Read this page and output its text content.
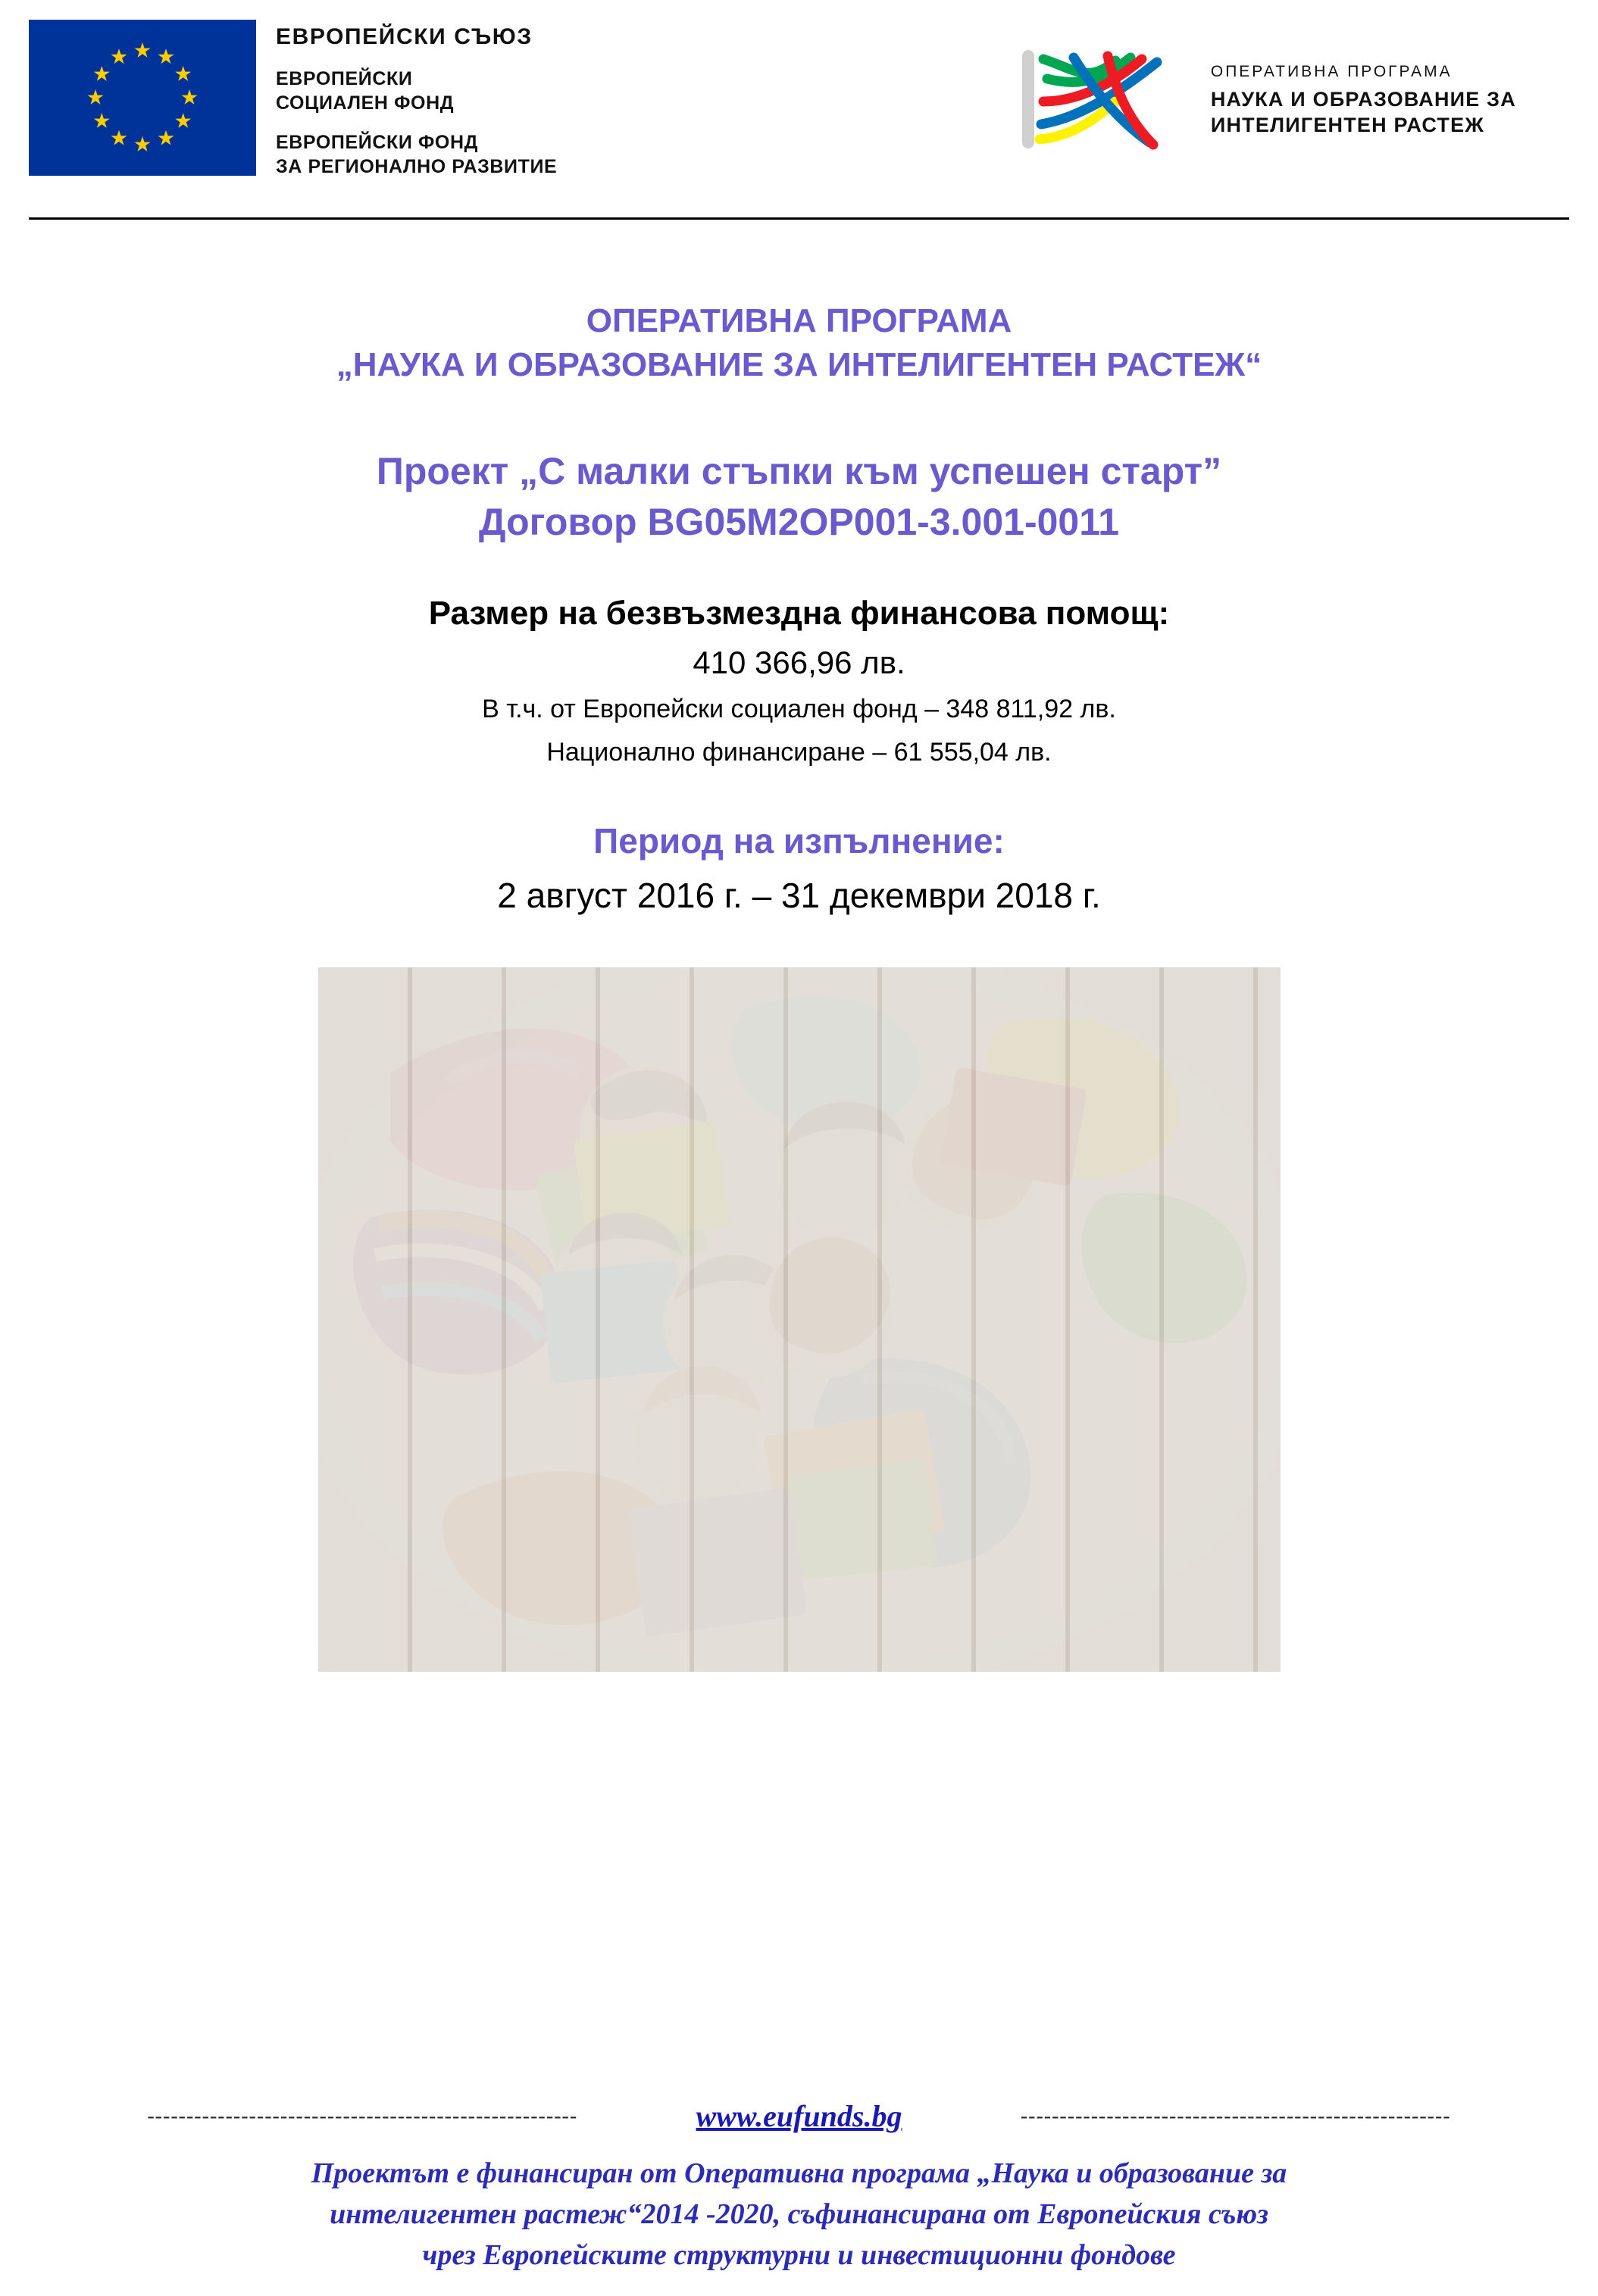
ЕВРОПЕЙСКИ СЪЮЗ
ЕВРОПЕЙСКИ
СОЦИАЛЕН ФОНД
ЕВРОПЕЙСКИ ФОНД
ЗА РЕГИОНАЛНО РАЗВИТИЕ
ОПЕРАТИВНА ПРОГРАМА
НАУКА И ОБРАЗОВАНИЕ ЗА
ИНТЕЛИГЕНТЕН РАСТЕЖ
ОПЕРАТИВНА ПРОГРАМА
„НАУКА И ОБРАЗОВАНИЕ ЗА ИНТЕЛИГЕНТЕН РАСТЕЖ“
Проект „С малки стъпки към успешен старт”
Договор BG05M2OP001-3.001-0011
Размер на безвъзмездна финансова помощ:
410 366,96 лв.
В т.ч. от Европейски социален фонд – 348 811,92 лв.
Национално финансиране – 61 555,04 лв.
Период на изпълнение:
2 август 2016 г. – 31 декември 2018 г.
-------------------------------------------------------	www.eufunds.bg	-------------------------------------------------------
Проектът е финансиран от Оперативна програма „Наука и образование за
интелигентен растеж“2014 -2020, съфинансирана от Европейския съюз
чрез Европейските структурни и инвестиционни фондове
